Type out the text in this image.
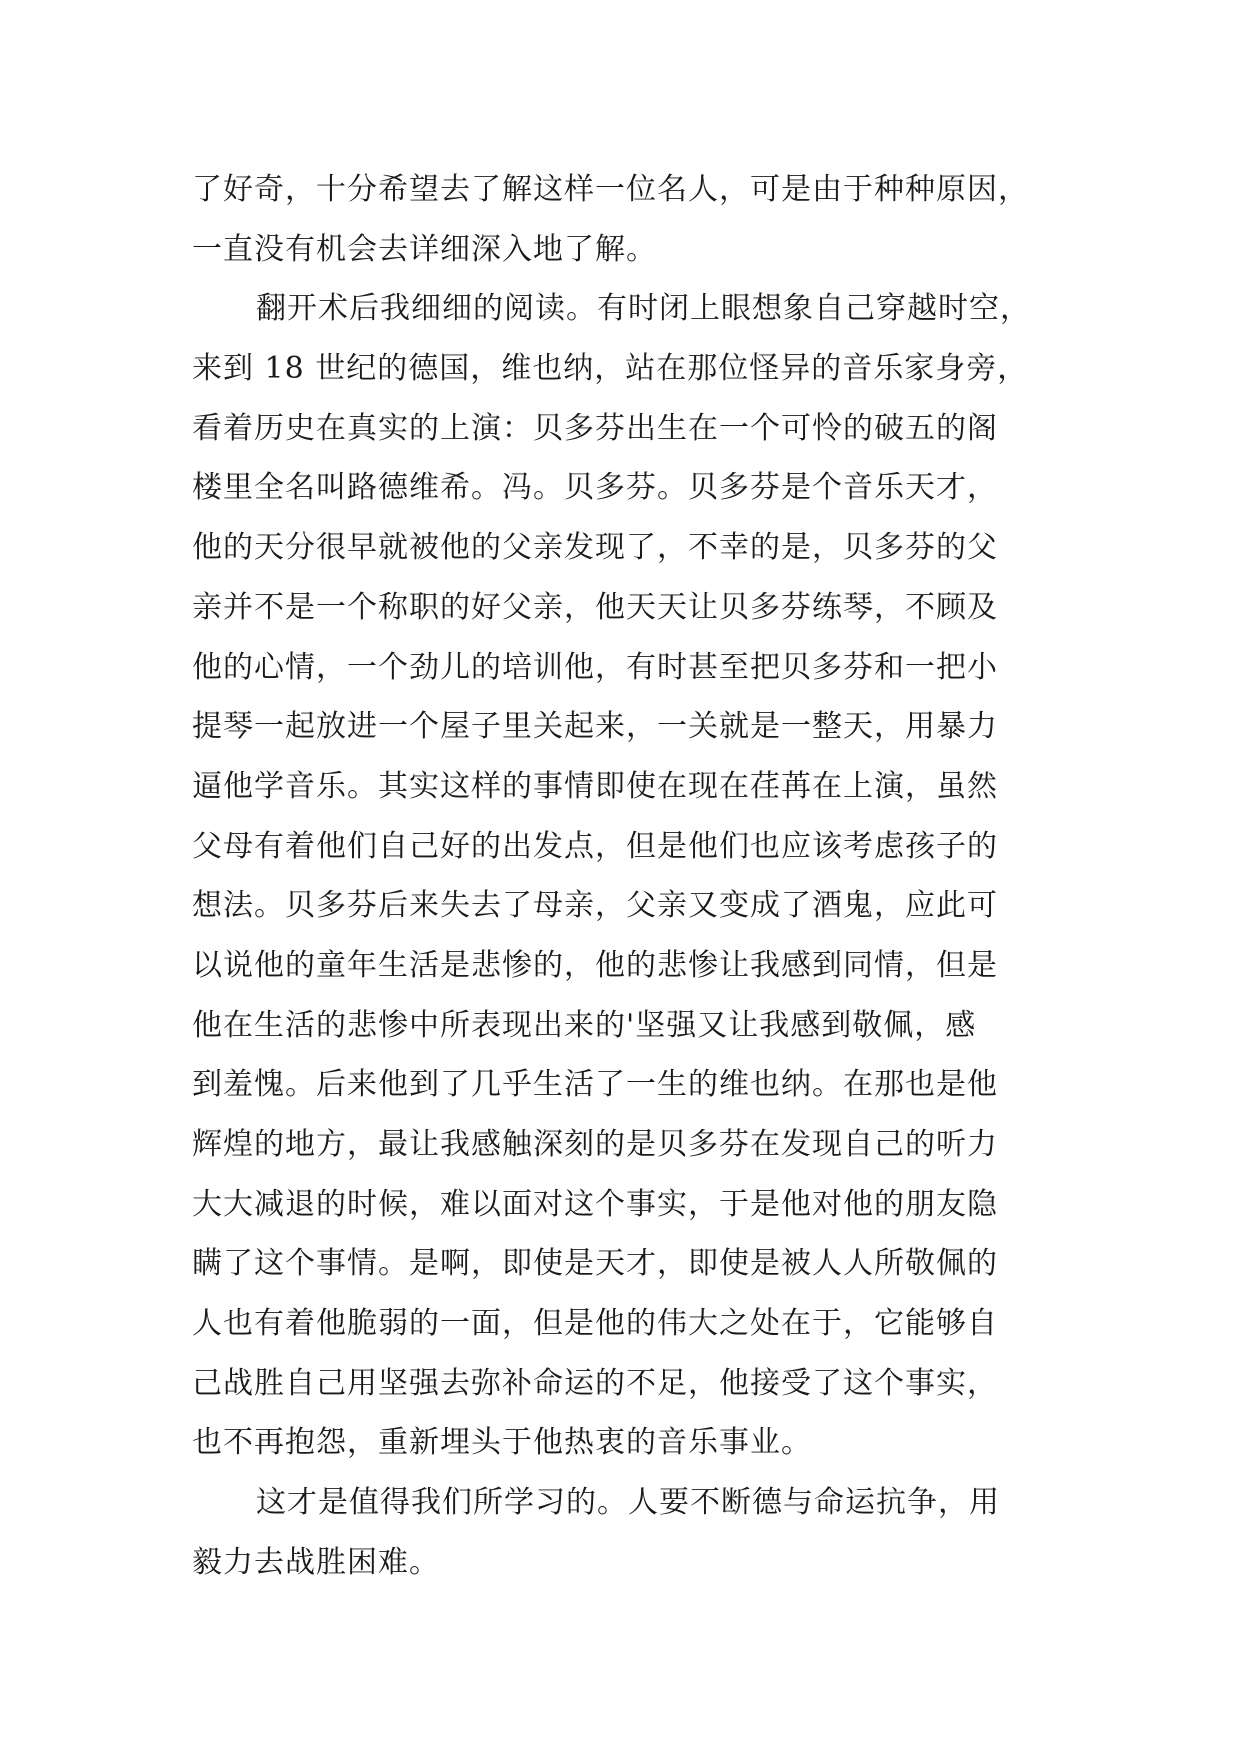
了好奇，十分希望去了解这样一位名人，可是由于种种原因，
一直没有机会去详细深入地了解。
翻开术后我细细的阅读。有时闭上眼想象自己穿越时空，
来到 18 世纪的德国，维也纳，站在那位怪异的音乐家身旁，
看着历史在真实的上演：贝多芬出生在一个可怜的破五的阁
楼里全名叫路德维希。冯。贝多芬。贝多芬是个音乐天才，
他的天分很早就被他的父亲发现了，不幸的是，贝多芬的父
亲并不是一个称职的好父亲，他天天让贝多芬练琴，不顾及
他的心情，一个劲儿的培训他，有时甚至把贝多芬和一把小
提琴一起放进一个屋子里关起来，一关就是一整天，用暴力
逼他学音乐。其实这样的事情即使在现在荏苒在上演，虽然
父母有着他们自己好的出发点，但是他们也应该考虑孩子的
想法。贝多芬后来失去了母亲，父亲又变成了酒鬼，应此可
以说他的童年生活是悲惨的，他的悲惨让我感到同情，但是
他在生活的悲惨中所表现出来的'坚强又让我感到敬佩，感
到羞愧。后来他到了几乎生活了一生的维也纳。在那也是他
辉煌的地方，最让我感触深刻的是贝多芬在发现自己的听力
大大减退的时候，难以面对这个事实，于是他对他的朋友隐
瞒了这个事情。是啊，即使是天才，即使是被人人所敬佩的
人也有着他脆弱的一面，但是他的伟大之处在于，它能够自
己战胜自己用坚强去弥补命运的不足，他接受了这个事实，
也不再抱怨，重新埋头于他热衷的音乐事业。
这才是值得我们所学习的。人要不断德与命运抗争，用
毅力去战胜困难。
